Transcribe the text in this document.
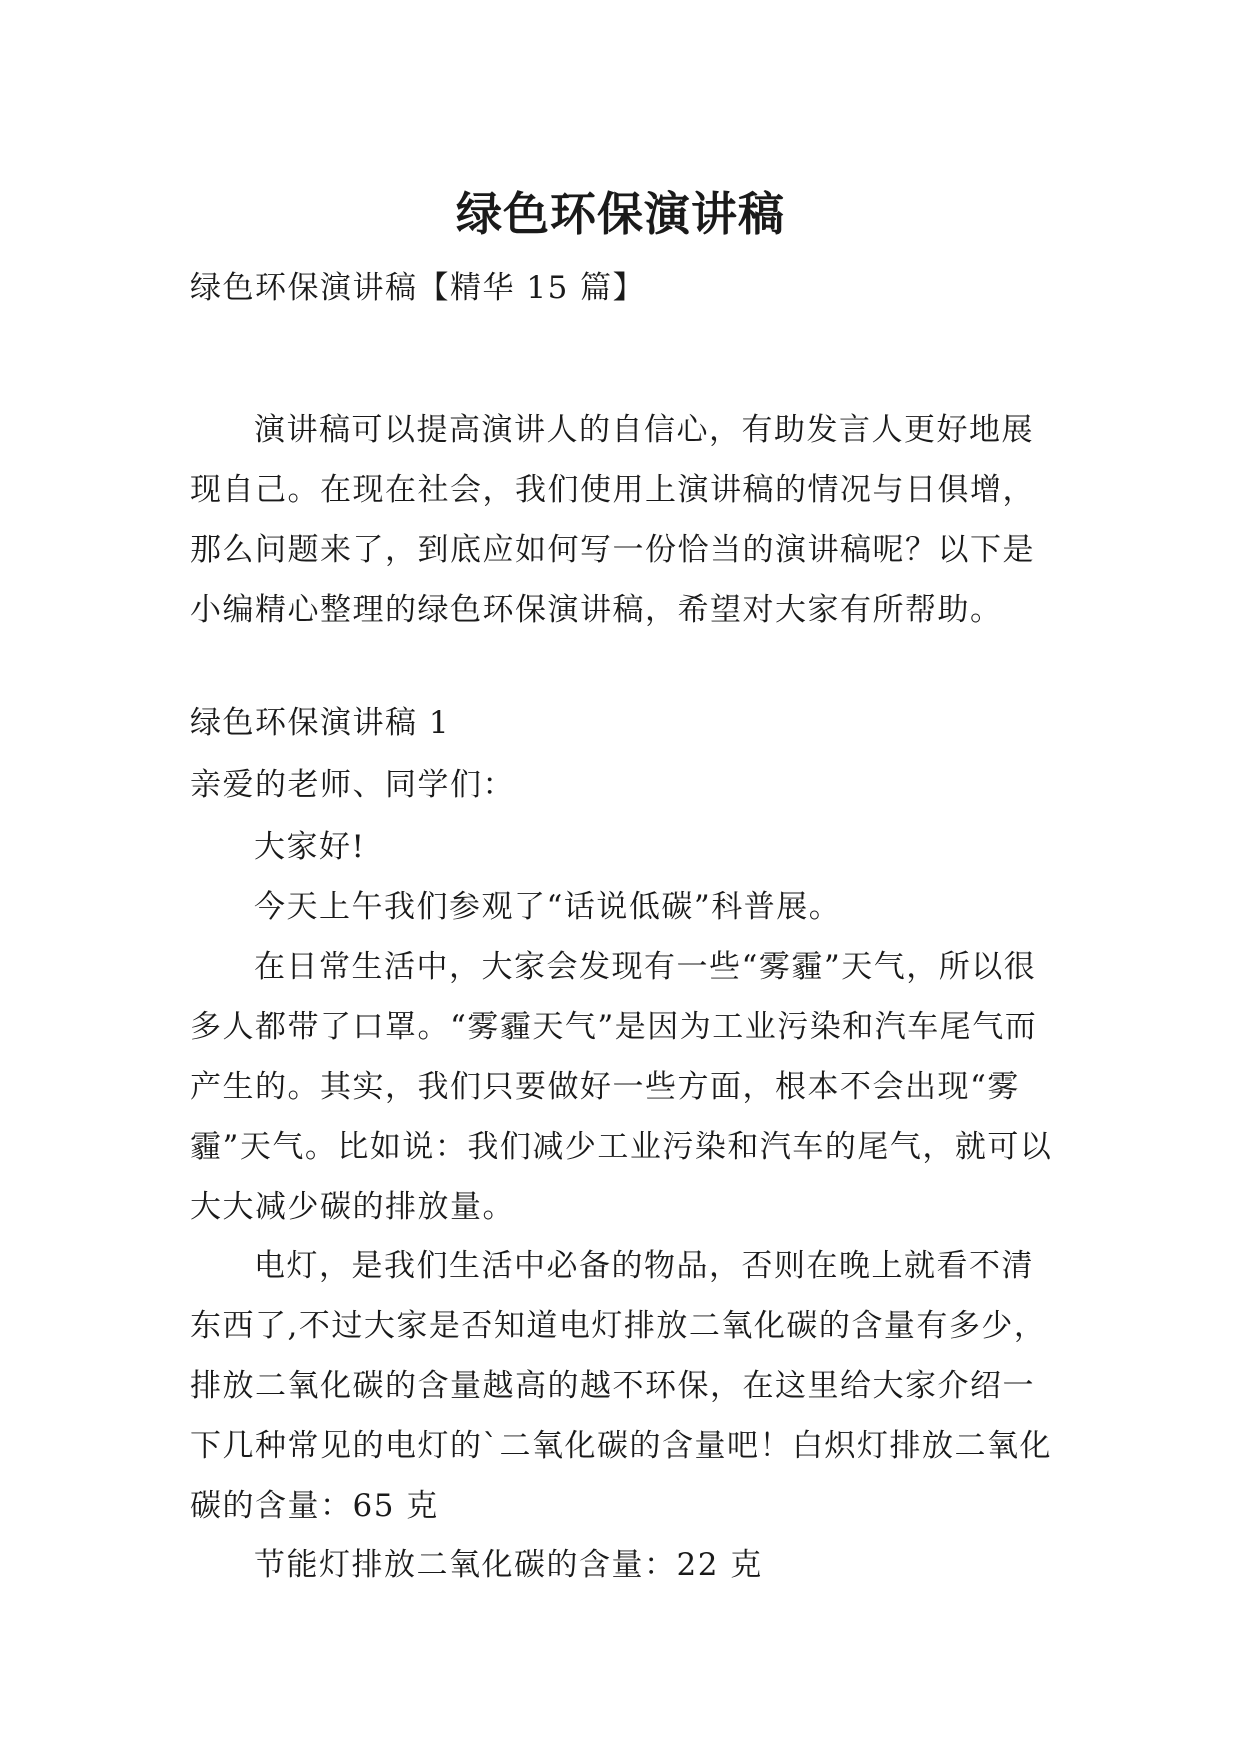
绿色环保演讲稿

绿色环保演讲稿【精华 15 篇】

演讲稿可以提高演讲人的自信心，有助发言人更好地展现自己。在现在社会，我们使用上演讲稿的情况与日俱增，那么问题来了，到底应如何写一份恰当的演讲稿呢？以下是小编精心整理的绿色环保演讲稿，希望对大家有所帮助。

绿色环保演讲稿 1

亲爱的老师、同学们：

大家好!

今天上午我们参观了“话说低碳”科普展。

在日常生活中，大家会发现有一些“雾霾”天气，所以很多人都带了口罩。“雾霾天气”是因为工业污染和汽车尾气而产生的。其实，我们只要做好一些方面，根本不会出现“雾霾”天气。比如说：我们减少工业污染和汽车的尾气，就可以大大减少碳的排放量。

电灯，是我们生活中必备的物品，否则在晚上就看不清东西了,不过大家是否知道电灯排放二氧化碳的含量有多少，排放二氧化碳的含量越高的越不环保，在这里给大家介绍一下几种常见的电灯的`二氧化碳的含量吧！白炽灯排放二氧化碳的含量：65 克

节能灯排放二氧化碳的含量：22 克
